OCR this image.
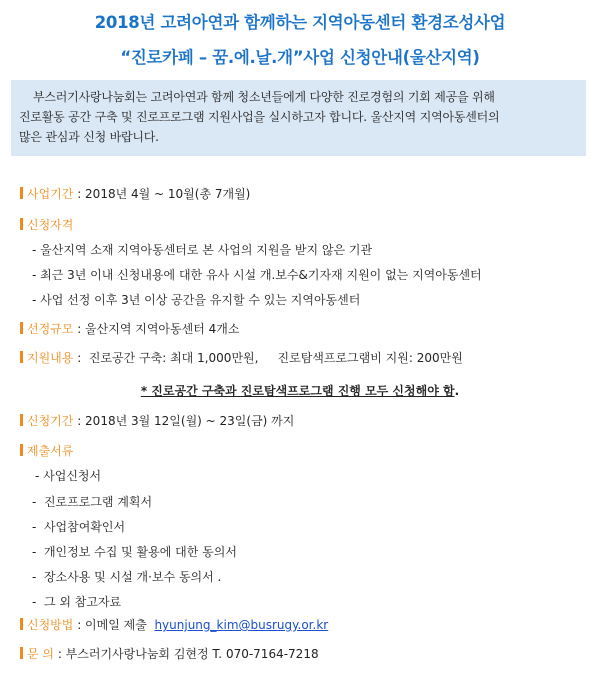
2018년 고려아연과 함께하는 지역아동센터 환경조성사업
“진로카페 – 꿈.에.날.개”사업 신청안내(울산지역)

부스러기사랑나눔회는 고려아연과 함께 청소년들에게 다양한 진로경험의 기회 제공을 위해

진로활동 공간 구축 및 진로프로그램 지원사업을 실시하고자 합니다. 울산지역 지역아동센터의

많은 관심과 신청 바랍니다.

사업기간 : 2018년 4월 ~ 10월(총 7개월)
신청자격
- 울산지역 소재 지역아동센터로 본 사업의 지원을 받지 않은 기관
- 최근 3년 이내 신청내용에 대한 유사 시설 개.보수&기자재 지원이 없는 지역아동센터
- 사업 선정 이후 3년 이상 공간을 유지할 수 있는 지역아동센터
선정규모 : 울산지역 지역아동센터 4개소
지원내용 :  진로공간 구축: 최대 1,000만원,     진로탐색프로그램비 지원: 200만원
* 진로공간 구축과 진로탐색프로그램 진행 모두 신청해야 함.
신청기간 : 2018년 3월 12일(월) ~ 23일(금) 까지
제출서류
- 사업신청서
-  진로프로그램 계획서
-  사업참여확인서
-  개인정보 수집 및 활용에 대한 동의서
-  장소사용 및 시설 개·보수 동의서 .
-  그 외 참고자료
신청방법 : 이메일 제출  hyunjung_kim@busrugy.or.kr
문 의 : 부스러기사랑나눔회 김현정 T. 070-7164-7218
